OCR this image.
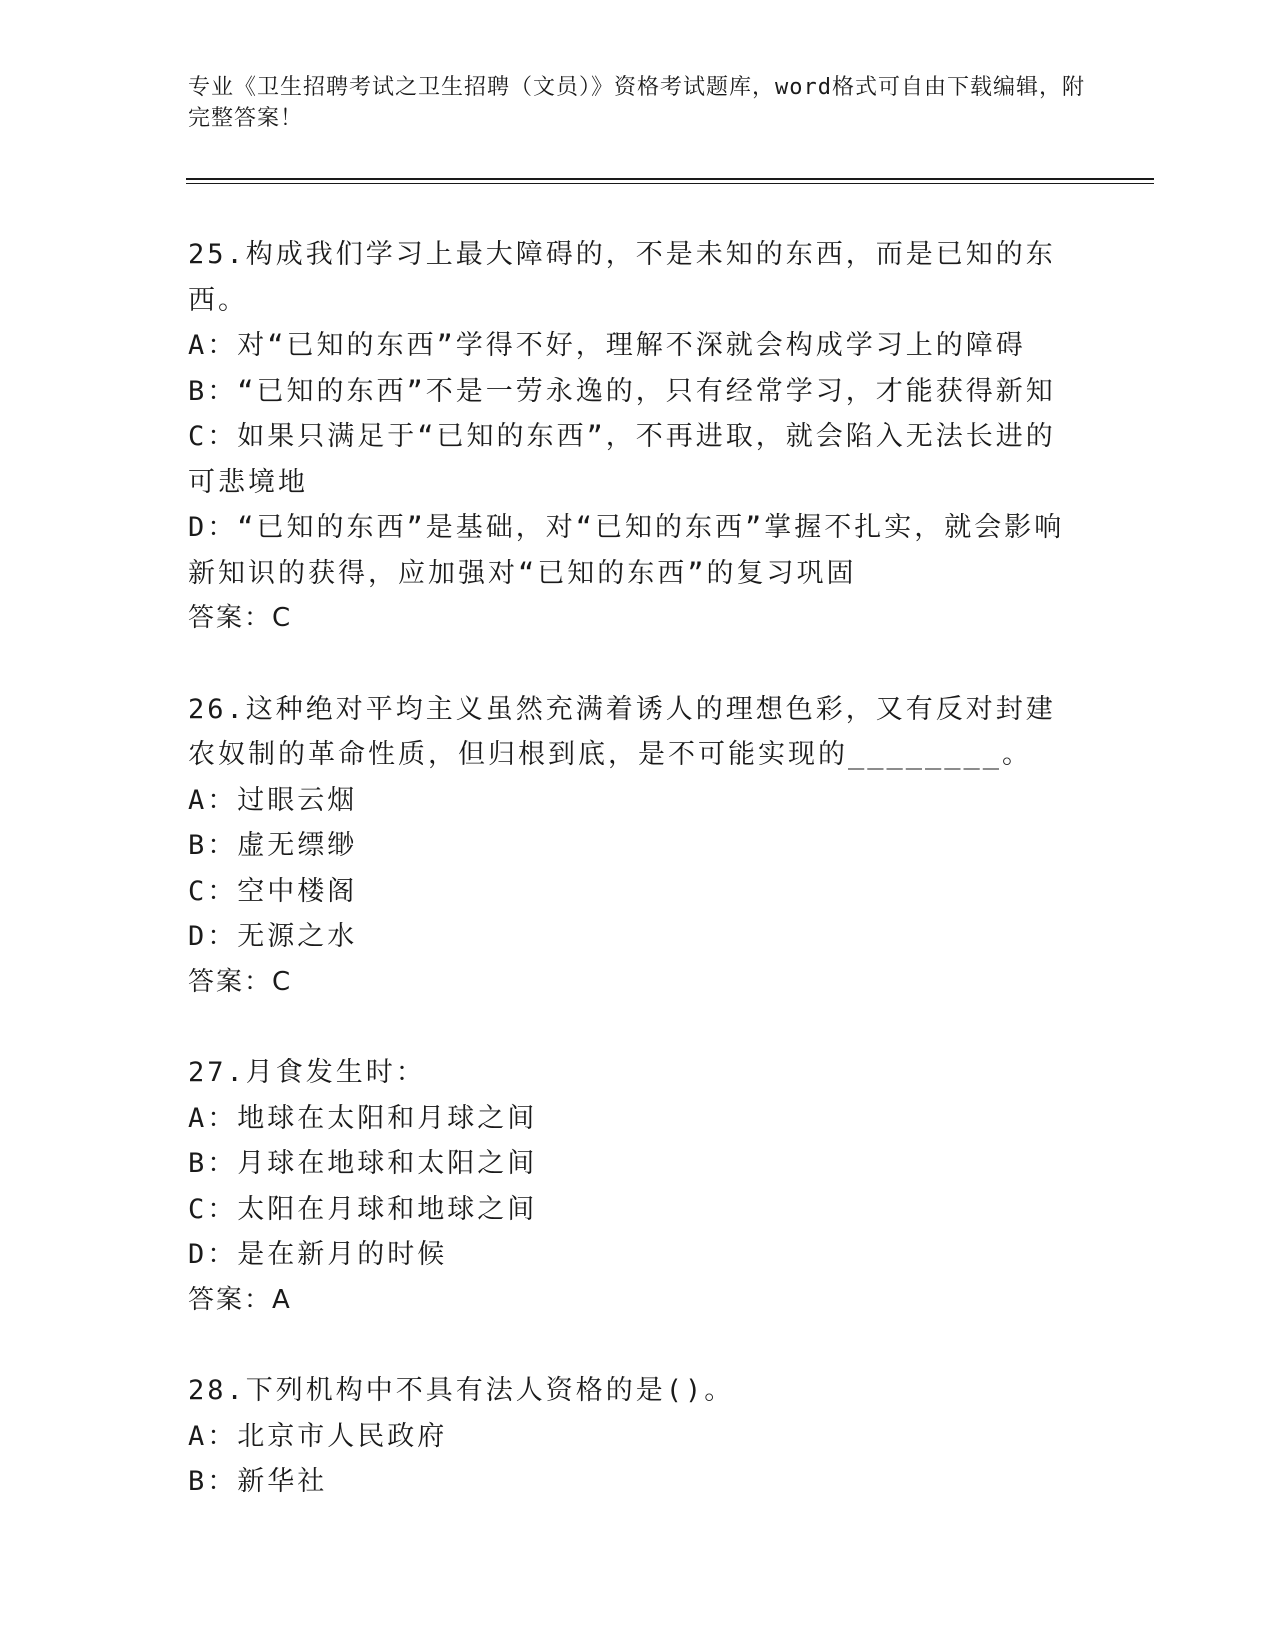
专业《卫生招聘考试之卫生招聘（文员）》资格考试题库，word格式可自由下载编辑，附完整答案！

25.构成我们学习上最大障碍的，不是未知的东西，而是已知的东西。

A：对“已知的东西”学得不好，理解不深就会构成学习上的障碍

B：“已知的东西”不是一劳永逸的，只有经常学习，才能获得新知

C：如果只满足于“已知的东西”，不再进取，就会陷入无法长进的可悲境地

D：“已知的东西”是基础，对“已知的东西”掌握不扎实，就会影响新知识的获得，应加强对“已知的东西”的复习巩固

答案：C

26.这种绝对平均主义虽然充满着诱人的理想色彩，又有反对封建农奴制的革命性质，但归根到底，是不可能实现的________。

A：过眼云烟

B：虚无缥缈

C：空中楼阁

D：无源之水

答案：C

27.月食发生时：

A：地球在太阳和月球之间

B：月球在地球和太阳之间

C：太阳在月球和地球之间

D：是在新月的时候

答案：A

28.下列机构中不具有法人资格的是()。

A：北京市人民政府

B：新华社
